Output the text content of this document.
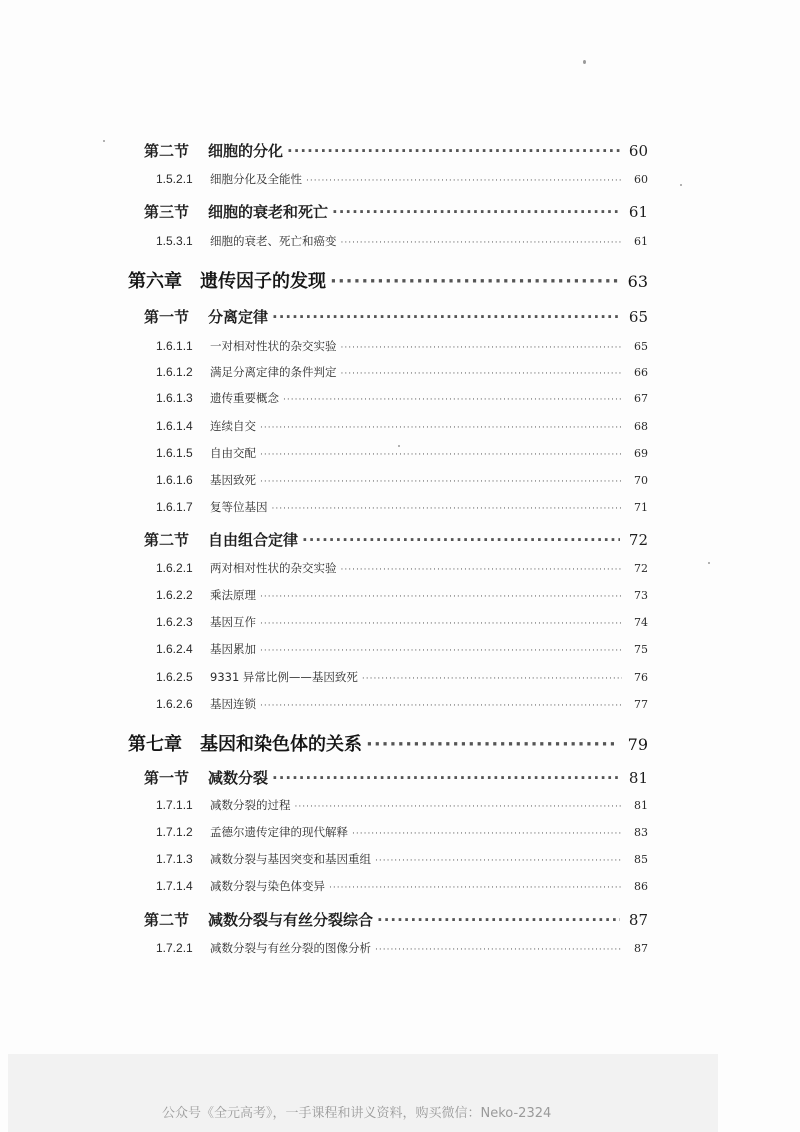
第二节	细胞的分化 ·····	60
1.5.2.1	细胞分化及全能性 ·····	60
第三节	细胞的衰老和死亡 ·····	61
1.5.3.1	细胞的衰老、死亡和癌变 ·····	61
第六章	遗传因子的发现 ·····	63
第一节	分离定律 ·····	65
1.6.1.1	一对相对性状的杂交实验 ·····	65
1.6.1.2	满足分离定律的条件判定 ·····	66
1.6.1.3	遗传重要概念 ·····	67
1.6.1.4	连续自交 ·····	68
1.6.1.5	自由交配 ·····	69
1.6.1.6	基因致死 ·····	70
1.6.1.7	复等位基因 ·····	71
第二节	自由组合定律 ·····	72
1.6.2.1	两对相对性状的杂交实验 ·····	72
1.6.2.2	乘法原理 ·····	73
1.6.2.3	基因互作 ·····	74
1.6.2.4	基因累加 ·····	75
1.6.2.5	9331 异常比例——基因致死 ·····	76
1.6.2.6	基因连锁 ·····	77
第七章	基因和染色体的关系 ·····	79
第一节	减数分裂 ·····	81
1.7.1.1	减数分裂的过程 ·····	81
1.7.1.2	孟德尔遗传定律的现代解释 ·····	83
1.7.1.3	减数分裂与基因突变和基因重组 ·····	85
1.7.1.4	减数分裂与染色体变异 ·····	86
第二节	减数分裂与有丝分裂综合 ·····	87
1.7.2.1	减数分裂与有丝分裂的图像分析 ·····	87
公众号《全元高考》，一手课程和讲义资料，购买微信：Neko-2324
